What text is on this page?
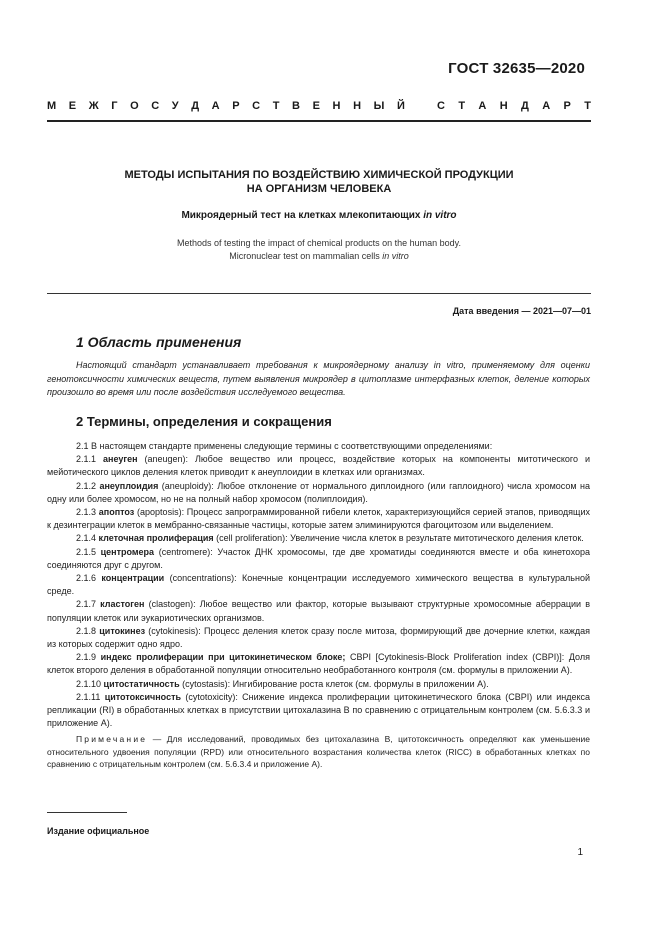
ГОСТ 32635—2020
М Е Ж Г О С У Д А Р С Т В Е Н Н Ы Й	С Т А Н Д А Р Т
МЕТОДЫ ИСПЫТАНИЯ ПО ВОЗДЕЙСТВИЮ ХИМИЧЕСКОЙ ПРОДУКЦИИ
НА ОРГАНИЗМ ЧЕЛОВЕКА
Микроядерный тест на клетках млекопитающих in vitro
Methods of testing the impact of chemical products on the human body.
Micronuclear test on mammalian cells in vitro
Дата введения — 2021—07—01
1 Область применения
Настоящий стандарт устанавливает требования к микроядерному анализу in vitro, применяемому для оценки генотоксичности химических веществ, путем выявления микроядер в цитоплазме интерфазных клеток, деление которых произошло во время или после воздействия исследуемого вещества.
2 Термины, определения и сокращения

2.1 В настоящем стандарте применены следующие термины с соответствующими определениями:

2.1.1 анеуген (aneugen): Любое вещество или процесс, воздействие которых на компоненты митотического и мейотического циклов деления клеток приводит к анеуплоидии в клетках или организмах.

2.1.2 анеуплоидия (aneuploidy): Любое отклонение от нормального диплоидного (или гаплоидного) числа хромосом на одну или более хромосом, но не на полный набор хромосом (полиплоидия).

2.1.3 апоптоз (apoptosis): Процесс запрограммированной гибели клеток, характеризующийся серией этапов, приводящих к дезинтеграции клеток в мембранно-связанные частицы, которые затем элиминируются фагоцитозом или выделением.

2.1.4 клеточная пролиферация (cell proliferation): Увеличение числа клеток в результате митотического деления клеток.

2.1.5 центромера (centromere): Участок ДНК хромосомы, где две хроматиды соединяются вместе и оба кинетохора соединяются друг с другом.

2.1.6 концентрации (concentrations): Конечные концентрации исследуемого химического вещества в культуральной среде.

2.1.7 кластоген (clastogen): Любое вещество или фактор, которые вызывают структурные хромосомные аберрации в популяции клеток или эукариотических организмов.

2.1.8 цитокинез (cytokinesis): Процесс деления клеток сразу после митоза, формирующий две дочерние клетки, каждая из которых содержит одно ядро.

2.1.9 индекс пролиферации при цитокинетическом блоке; CBPI [Cytokinesis-Block Proliferation index (CBPI)]: Доля клеток второго деления в обработанной популяции относительно необработанного контроля (см. формулы в приложении А).

2.1.10 цитостатичность (cytostasis): Ингибирование роста клеток (см. формулы в приложении А).

2.1.11 цитотоксичность (cytotoxicity): Снижение индекса пролиферации цитокинетического блока (CBPI) или индекса репликации (RI) в обработанных клетках в присутствии цитохалазина В по сравнению с отрицательным контролем (см. 5.6.3.3 и приложение А).

Примечание — Для исследований, проводимых без цитохалазина В, цитотоксичность определяют как уменьшение относительного удвоения популяции (RPD) или относительного возрастания количества клеток (RICC) в обработанных клетках по сравнению с отрицательным контролем (см. 5.6.3.4 и приложение А).

Издание официальное
1
